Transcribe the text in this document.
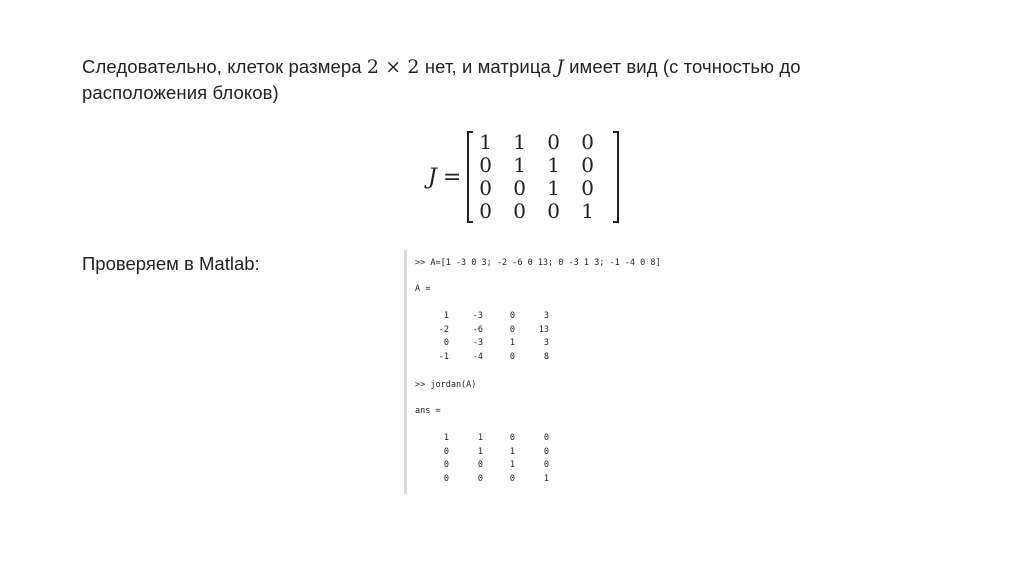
Следовательно, клеток размера 2 × 2 нет, и матрица J имеет вид (с точностью до
расположения блоков)
J =
1	1	0	0
0	1	1	0
0	0	1	0
0	0	0	1
Проверяем в Matlab:	>> A=[1 -3 0 3; -2 -6 0 13; 0 -3 1 3; -1 -4 0 8]
A =
>> jordan(A)
ans =
1	-3	0	3
-2	-6	0	13
0	-3	1	3
-1	-4	0	8
1	1	0	0
0	1	1	0
0	0	1	0
0	0	0	1
